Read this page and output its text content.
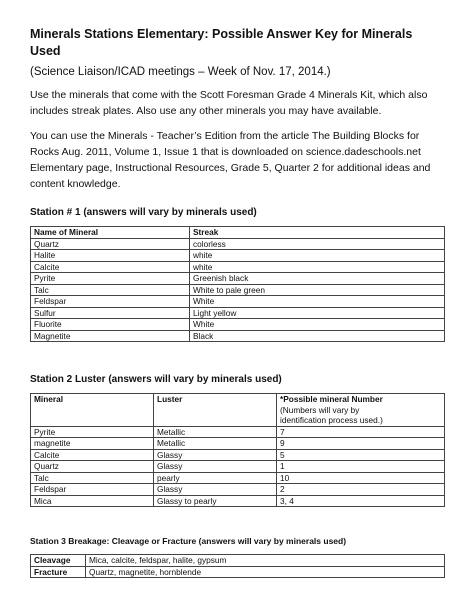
Minerals Stations Elementary: Possible Answer Key for Minerals Used

(Science Liaison/ICAD meetings – Week of Nov. 17, 2014.)

Use the minerals that come with the Scott Foresman Grade 4 Minerals Kit, which also includes streak plates. Also use any other minerals you may have available.

You can use the Minerals - Teacher’s Edition from the article The Building Blocks for Rocks Aug. 2011, Volume 1, Issue 1 that is downloaded on science.dadeschools.net Elementary page, Instructional Resources, Grade 5, Quarter 2 for additional ideas and content knowledge.

Station # 1 (answers will vary by minerals used)

Name of Mineral	Streak
Quartz	colorless
Halite	white
Calcite	white
Pyrite	Greenish black
Talc	White to pale green
Feldspar	White
Sulfur	Light yellow
Fluorite	White
Magnetite	Black

Station 2 Luster (answers will vary by minerals used)

Mineral	Luster	*Possible mineral Number
(Numbers will vary by
identification process used.)

Pyrite	Metallic	7
magnetite	Metallic	9
Calcite	Glassy	5
Quartz	Glassy	1
Talc	pearly	10
Feldspar	Glassy	2
Mica	Glassy to pearly	3, 4

Station 3 Breakage: Cleavage or Fracture (answers will vary by minerals used)

Cleavage	Mica, calcite, feldspar, halite, gypsum
Fracture	Quartz, magnetite, hornblende
